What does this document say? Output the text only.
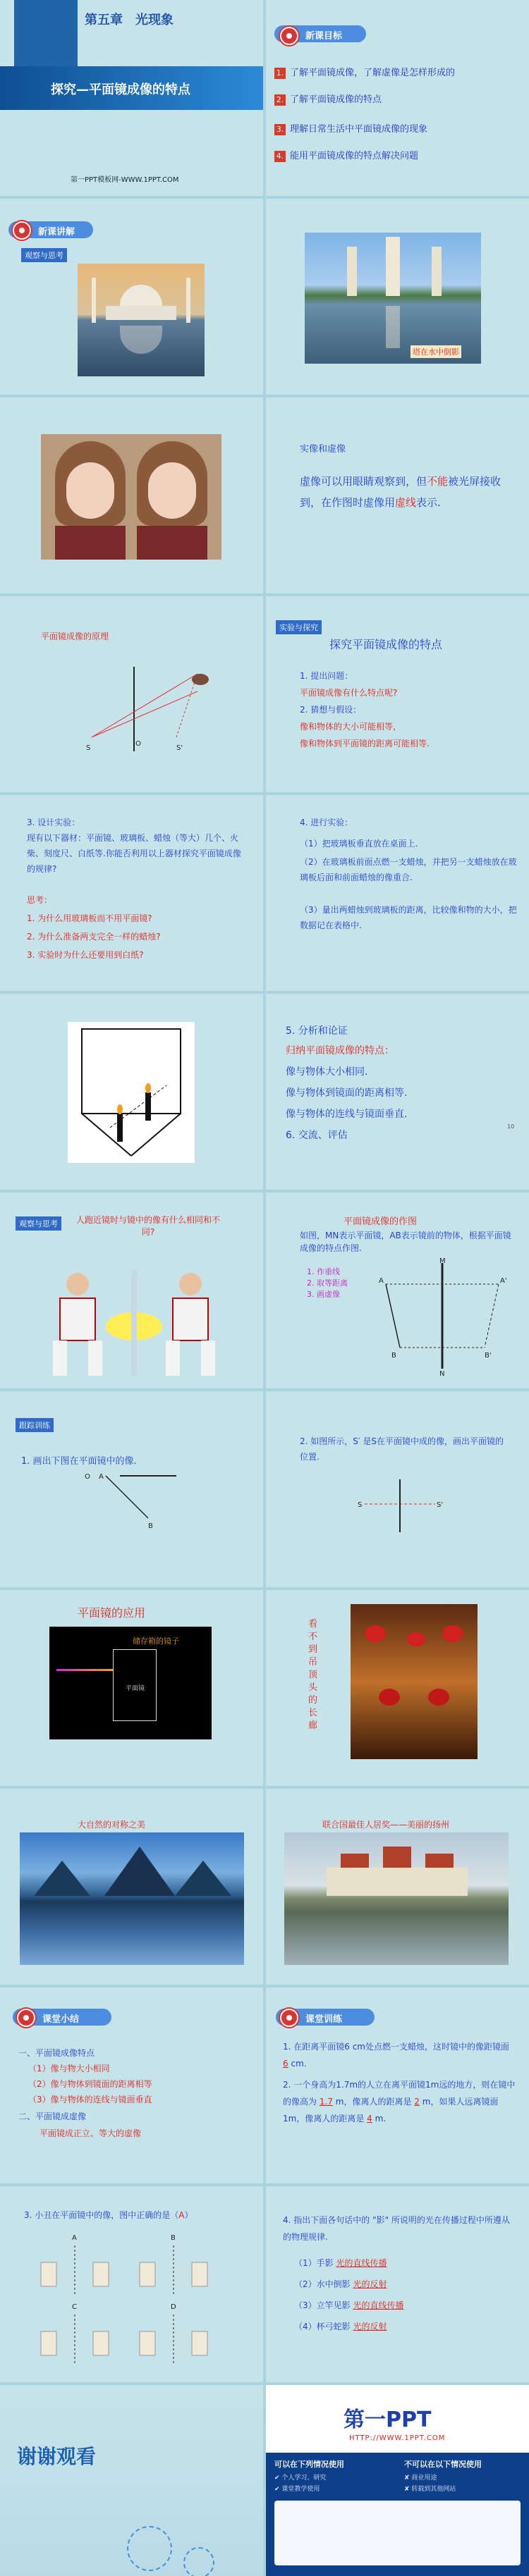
第五章　光现象

探究—平面镜成像的特点

第一PPT模板网-WWW.1PPT.COM

新课目标

1. 了解平面镜成像，了解虚像是怎样形成的
2. 了解平面镜成像的特点
3. 理解日常生活中平面镜成像的现象
4. 能用平面镜成像的特点解决问题

新课讲解

观察与思考

塔在水中倒影

实像和虚像

虚像可以用眼睛观察到，但不能被光屏接收到，在作图时虚像用虚线表示.

平面镜成像的原理

S	S'
O
实验与探究

探究平面镜成像的特点

1. 提出问题：

平面镜成像有什么特点呢?

2. 猜想与假设：

像和物体的大小可能相等，

像和物体到平面镜的距离可能相等.

3. 设计实验：
现有以下器材：平面镜、玻璃板、蜡烛（等大）几个、火柴、刻度尺、白纸等.你能否利用以上器材探究平面镜成像的规律?

思考：

1. 为什么用玻璃板而不用平面镜?

2. 为什么准备两支完全一样的蜡烛?

3. 实验时为什么还要用到白纸?

4. 进行实验：

（1）把玻璃板垂直放在桌面上.

（2）在玻璃板前面点燃一支蜡烛，并把另一支蜡烛放在玻璃板后面和前面蜡烛的像重合.

（3）量出两蜡烛到玻璃板的距离，比较像和物的大小，把数据记在表格中.

5. 分析和论证

归纳平面镜成像的特点：

像与物体大小相同.

像与物体到镜面的距离相等.

像与物体的连线与镜面垂直.

6. 交流、评估

10

观察与思考	人跑近镜时与镜中的像有什么相同和不同?

平面镜成像的作图

如图，MN表示平面镜，AB表示镜前的物体，根据平面镜成像的特点作图.

1. 作垂线

2. 取等距离

3. 画虚像

M
A	A'
B	B'
N
跟踪训练

1. 画出下图在平面镜中的像.

A
B
O

2. 如图所示，S′ 是S在平面镜中成的像，画出平面镜的位置.

S	S'

平面镜的应用

储存箱的镜子

平面镜

看不到吊顶头的长廊

大自然的对称之美	联合国最佳人居奖——美丽的扬州

课堂小结

一、平面镜成像特点

（1）像与物大小相同

（2）像与物体到镜面的距离相等

（3）像与物体的连线与镜面垂直

二、平面镜成虚像

平面镜成正立、等大的虚像

课堂训练

1. 在距离平面镜6 cm处点燃一支蜡烛，这时镜中的像距镜面 6 cm.

2. 一个身高为1.7m的人立在离平面镜1m远的地方，则在镜中的像高为 1.7 m，像离人的距离是 2 m，如果人远离镜面1m，像离人的距离是 4 m.

3. 小丑在平面镜中的像，图中正确的是（A）

A	B
C	D

4. 指出下面各句话中的 "影" 所说明的光在传播过程中所遵从的物理规律.

（1）手影 光的直线传播

（2）水中倒影 光的反射

（3）立竿见影 光的直线传播

（4）杯弓蛇影 光的反射

谢谢观看

第一PPT

HTTP://WWW.1PPT.COM

可以在下列情况使用	不可以在以下情况使用

✔ 个人学习、研究

✔ 课堂教学使用

✘ 商业用途

✘ 转载到其他网站
